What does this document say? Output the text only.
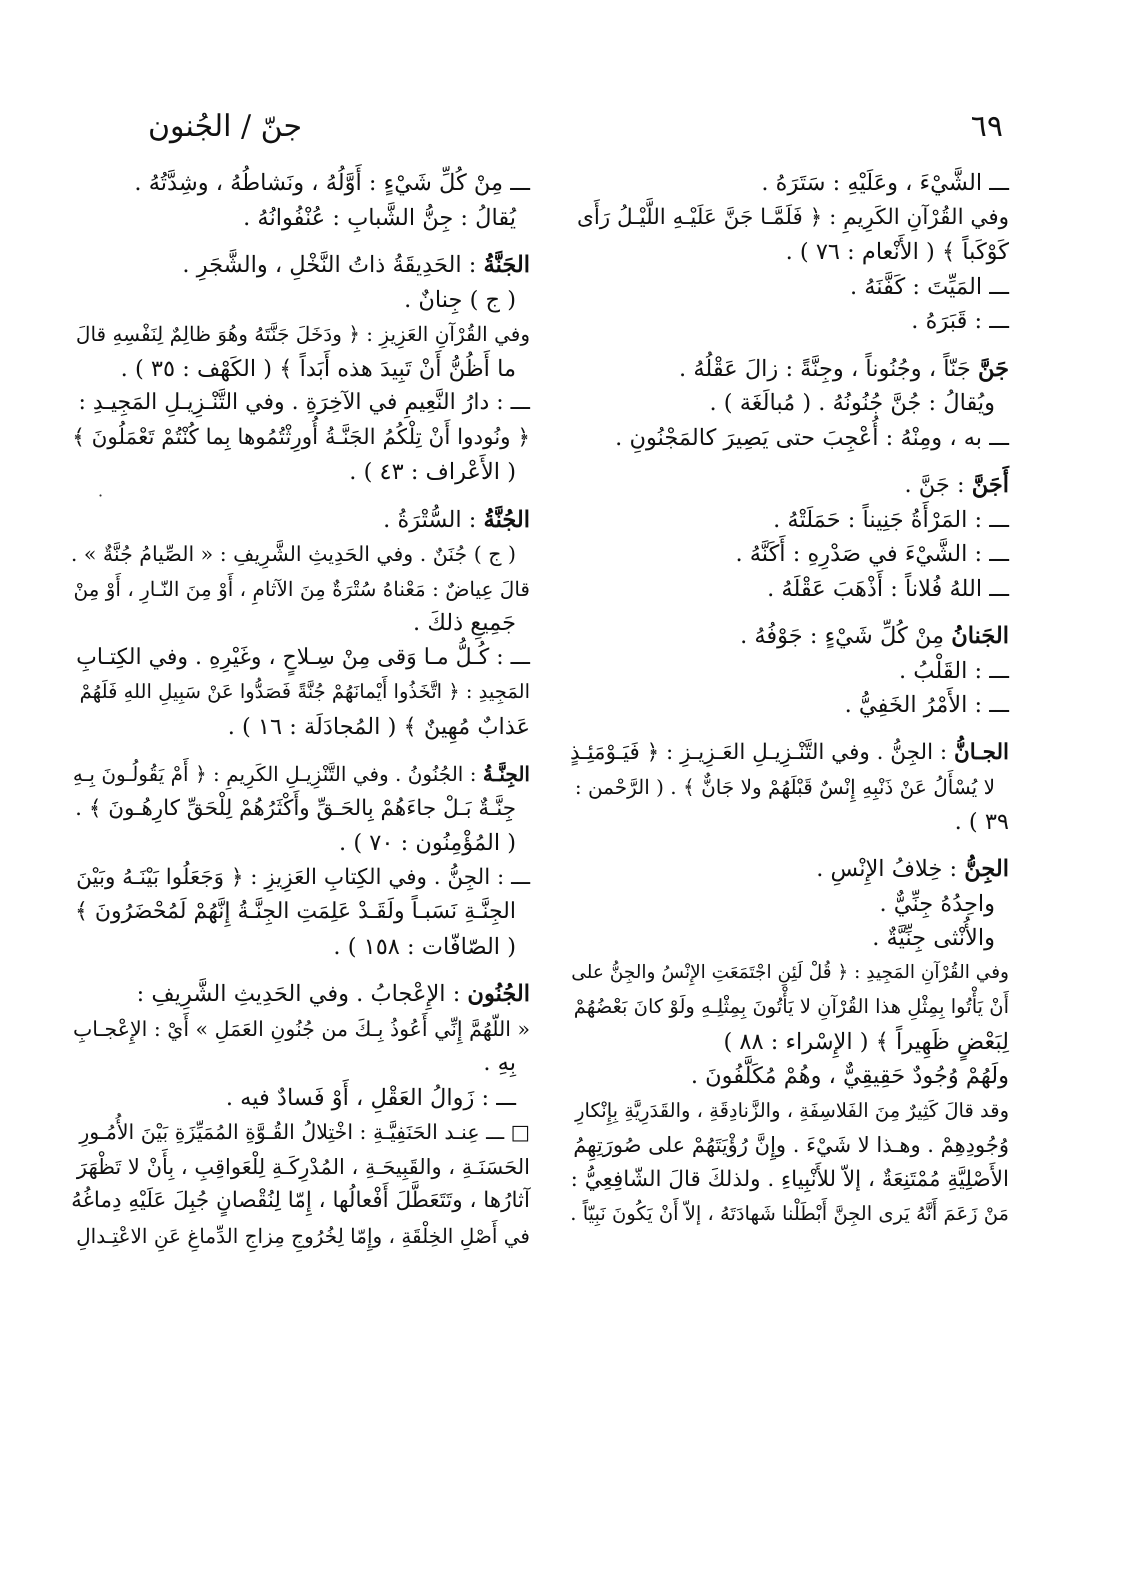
٦٩
جنّ / الجُنون
ـــ الشَّيْءَ ، وعَلَيْهِ : سَتَرَهُ .
وفي القُرْآنِ الكَرِيمِ : ﴿ فَلَمَّـا جَنَّ عَلَيْـهِ اللَّيْـلُ رَأَى
كَوْكَباً ﴾ ( الأَنْعام : ٧٦ ) .
ـــ المَيِّتَ : كَفَّنَهُ .
ـــ : قَبَرَهُ .
جَنَّ جَنّاً ، وجُنُوناً ، وجِنَّةً : زالَ عَقْلُهُ .
ويُقالُ : جُنَّ جُنُونُهُ . ( مُبالَغَة ) .
ـــ به ، ومِنْهُ : أُعْجِبَ حتى يَصِيرَ كالمَجْنُونِ .
أَجَنَّ : جَنَّ .
ـــ : المَرْأَةُ جَنِيناً : حَمَلَتْهُ .
ـــ : الشَّيْءَ في صَدْرِهِ : أَكَنَّهُ .
ـــ اللهُ فُلاناً : أَذْهَبَ عَقْلَهُ .
الجَنانُ مِنْ كُلِّ شَيْءٍ : جَوْفُهُ .
ـــ : القَلْبُ .
ـــ : الأَمْرُ الخَفِيُّ .
الجـانُّ : الجِنُّ . وفي التَّنْـزِيـلِ العَـزِيـزِ : ﴿ فَيَـوْمَئِـذٍ
لا يُسْأَلُ عَنْ ذَنْبِهِ إِنْسٌ قَبْلَهُمْ ولا جَانٌّ ﴾ . ( الرَّحْمن :
٣٩ ) .
الجِنُّ : خِلافُ الإِنْسِ .
واحِدُهُ جِنِّيٌّ .
والأُنْثى جِنِّيَّةٌ .
وفي القُرْآنِ المَجِيدِ : ﴿ قُلْ لَئِنِ اجْتَمَعَتِ الإِنْسُ والجِنُّ على
أَنْ يَأْتُوا بِمِثْلِ هذا القُرْآنِ لا يَأْتُونَ بِمِثْلِـهِ ولَوْ كانَ بَعْضُهُمْ
لِبَعْضٍ ظَهِيراً ﴾ ( الإِسْراء : ٨٨ )
ولَهُمْ وُجُودٌ حَقِيقِيٌّ ، وهُمْ مُكَلَّفُونَ .
وقد قالَ كَثِيرٌ مِنَ الفَلاسِفَةِ ، والزَّنادِقَةِ ، والقَدَرِيَّةِ بِإِنْكارِ
وُجُودِهِمْ . وهـذا لا شَيْءَ . وإِنَّ رُؤْيَتَهُمْ على صُورَتِهِمُ
الأَصْلِيَّةِ مُمْتَنِعَةٌ ، إلاّ للأَنْبِياءِ . ولذلكَ قالَ الشّافِعِيُّ :
مَنْ زَعَمَ أَنَّهُ يَرى الجِنَّ أَبْطَلْنا شَهادَتَهُ ، إلاّ أَنْ يَكُونَ نَبِيّاً .
ـــ مِنْ كُلِّ شَيْءٍ : أَوَّلُهُ ، ونَشاطُهُ ، وشِدَّتُهُ .
يُقالُ : جِنُّ الشَّبابِ : عُنْفُوانُهُ .
الجَنَّةُ : الحَدِيقَةُ ذاتُ النَّخْلِ ، والشَّجَرِ .
( ج ) جِنانٌ .
وفي القُرْآنِ العَزِيزِ : ﴿ ودَخَلَ جَنَّتَهُ وهُوَ ظالِمٌ لِنَفْسِهِ قالَ
ما أَظُنُّ أَنْ تَبِيدَ هذه أَبَداً ﴾ ( الكَهْف : ٣٥ ) .
ـــ : دارُ النَّعِيمِ في الآخِرَةِ . وفي التَّنْـزِيـلِ المَجِيـدِ :
﴿ ونُودوا أَنْ تِلْكُمُ الجَنَّـةُ أُورِثْتُمُوها بِما كُنْتُمْ تَعْمَلُونَ ﴾
( الأَعْراف : ٤٣ ) .
الجُنَّةُ : السُّتْرَةُ .
( ج ) جُنَنٌ . وفي الحَدِيثِ الشَّرِيفِ : « الصِّيامُ جُنَّةٌ » .
قالَ عِياضٌ : مَعْناهُ سُتْرَةٌ مِنَ الآثامِ ، أَوْ مِنَ النّـارِ ، أَوْ مِنْ
جَمِيعِ ذلكَ .
ـــ : كُـلُّ مـا وَقى مِنْ سِـلاحٍ ، وغَيْرِهِ . وفي الكِتـابِ
المَجِيدِ : ﴿ اتَّخَذُوا أَيْمانَهُمْ جُنَّةً فَصَدُّوا عَنْ سَبِيلِ اللهِ فَلَهُمْ
عَذابٌ مُهِينٌ ﴾ ( المُجادَلَة : ١٦ ) .
الجِنَّـةُ : الجُنُونُ . وفي التَّنْزِيـلِ الكَرِيمِ : ﴿ أَمْ يَقُولُـونَ بِـهِ
جِنَّـةٌ بَـلْ جاءَهُمْ بِالحَـقِّ وأَكْثَرُهُمْ لِلْحَقِّ كارِهُـونَ ﴾ .
( المُؤْمِنُون : ٧٠ ) .
ـــ : الجِنُّ . وفي الكِتابِ العَزِيزِ : ﴿ وَجَعَلُوا بَيْنَـهُ وبَيْنَ
الجِنَّـةِ نَسَبـاً ولَقَـدْ عَلِمَتِ الجِنَّـةُ إِنَّهُمْ لَمُحْضَرُونَ ﴾
( الصّافّات : ١٥٨ ) .
الجُنُون : الإِعْجابُ . وفي الحَدِيثِ الشَّرِيفِ :
« اللّهُمَّ إِنِّي أَعُوذُ بِـكَ من جُنُونِ العَمَلِ » أَيْ : الإِعْجـابِ
بِهِ .
ـــ : زَوالُ العَقْلِ ، أَوْ فَسادٌ فيه .
□ ـــ عِنـد الحَنَفِيَّـةِ : اخْتِلالُ القُـوَّةِ المُمَيِّزَةِ بَيْنَ الأُمُـورِ
الحَسَنَـةِ ، والقَبِيحَـةِ ، المُدْرِكَـةِ لِلْعَواقِبِ ، بِأَنْ لا تَظْهَرَ
آثارُها ، وتَتَعَطَّلَ أَفْعالُها ، إِمّا لِنُقْصانٍ جُبِلَ عَلَيْهِ دِماغُهُ
في أَصْلِ الخِلْقَةِ ، وإِمّا لِخُرُوجِ مِزاجِ الدِّماغِ عَنِ الاعْتِـدالِ
·
